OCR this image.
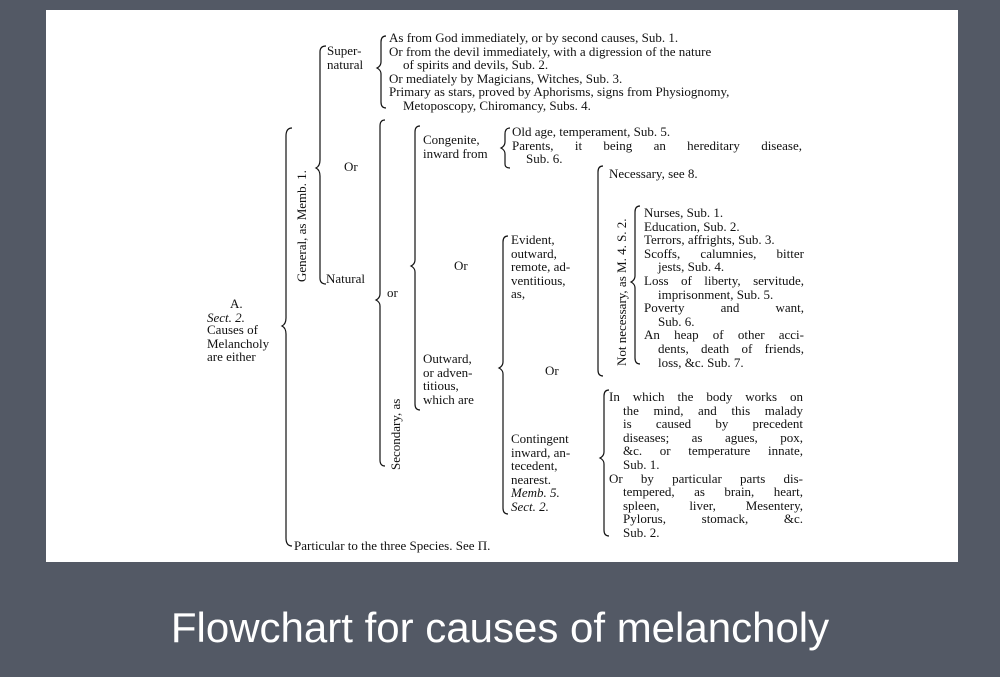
A.
Sect. 2.
Causes of
Melancholy
are either
General, as Memb. 1.
Super-
natural
As from God immediately, or by second causes, Sub. 1.
Or from the devil immediately, with a digression of the nature
of spirits and devils, Sub. 2.
Or mediately by Magicians, Witches, Sub. 3.
Primary as stars, proved by Aphorisms, signs from Physiognomy,
Metoposcopy, Chiromancy, Subs. 4.
Or
Natural
or
Secondary, as
Congenite,
inward from
Old age, temperament, Sub. 5.
Parents, it being an hereditary disease,
Sub. 6.
Or
Outward,
or adven-
titious,
which are
Evident,
outward,
remote, ad-
ventitious,
as,
Or
Contingent
inward, an-
tecedent,
nearest.
Memb. 5.
Sect. 2.
Necessary, see 8.
Not necessary, as M. 4. S. 2.
Nurses, Sub. 1.
Education, Sub. 2.
Terrors, affrights, Sub. 3.
Scoffs, calumnies, bitter
jests, Sub. 4.
Loss of liberty, servitude,
imprisonment, Sub. 5.
Poverty and want,
Sub. 6.
An heap of other acci-
dents, death of friends,
loss, &c. Sub. 7.
In which the body works on
the mind, and this malady
is caused by precedent
diseases; as agues, pox,
&c. or temperature innate,
Sub. 1.
Or by particular parts dis-
tempered, as brain, heart,
spleen, liver, Mesentery,
Pylorus, stomack, &c.
Sub. 2.
Particular to the three Species. See Π.
Flowchart for causes of melancholy
